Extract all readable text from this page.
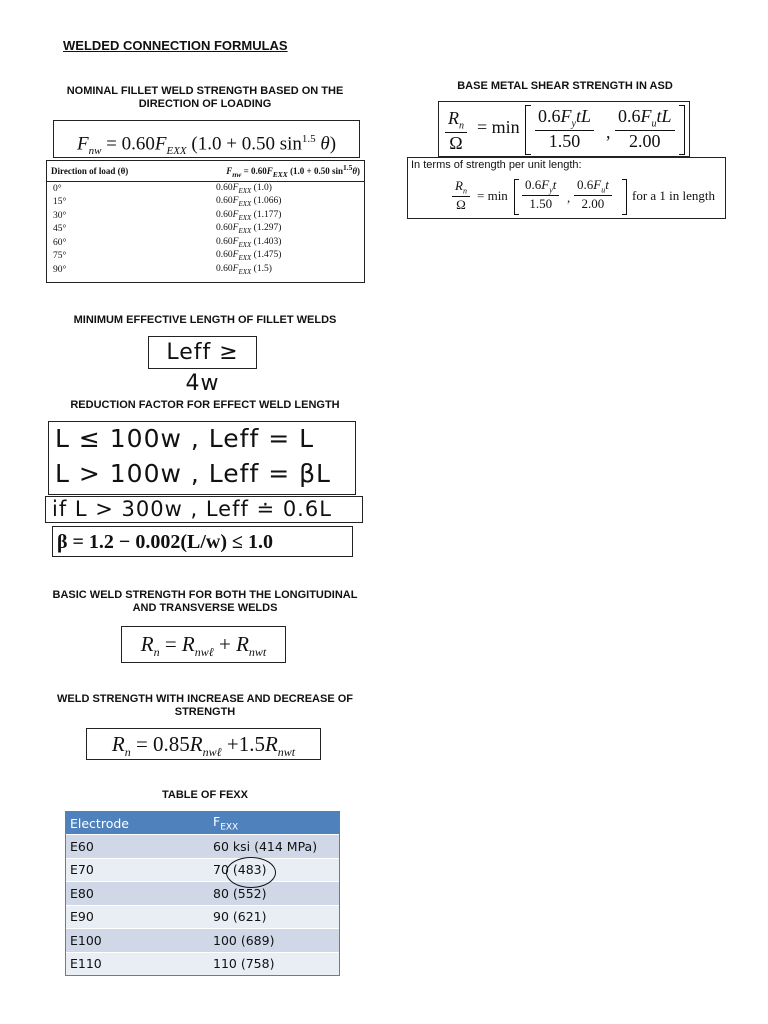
WELDED CONNECTION FORMULAS
NOMINAL FILLET WELD STRENGTH BASED ON THE DIRECTION OF LOADING
$F_{nw} = 0.60F_{EXX}$ (1.0 + 0.50 $\sin^{1.5} \theta$)
Direction of load (θ)	$F_{nw} = 0.60F_{EXX}$ (1.0 + 0.50 $\sin^{1.5}\theta$)
0°	$0.60F_{EXX}$ (1.0)
15°	$0.60F_{EXX}$ (1.066)
30°	$0.60F_{EXX}$ (1.177)
45°	$0.60F_{EXX}$ (1.297)
60°	$0.60F_{EXX}$ (1.403)
75°	$0.60F_{EXX}$ (1.475)
90°	$0.60F_{EXX}$ (1.5)
BASE METAL SHEAR STRENGTH IN ASD
$\frac{R_n}{\Omega} = \min$
$0.6F_ytL$
1.50 ,
$0.6F_utL$
2.00
In terms of strength per unit length:
$\frac{R_n}{\Omega} = \min$
$0.6F_yt$
1.50 ,
$0.6F_ut$
2.00
for a 1 in length
MINIMUM EFFECTIVE LENGTH OF FILLET WELDS
Leff ≥ 4w
REDUCTION FACTOR FOR EFFECT WELD LENGTH
L ≤ 100w , Leff = L
L > 100w , Leff = βL
if L > 300w , Leff ≐ 0.6L
β = 1.2 − 0.002(L/w) ≤ 1.0
BASIC WELD STRENGTH FOR BOTH THE LONGITUDINAL AND TRANSVERSE WELDS
$R_n = R_{nw\ell} + R_{nwt}$
WELD STRENGTH WITH INCREASE AND DECREASE OF STRENGTH
$R_n = 0.85R_{nw\ell} +1.5R_{nwt}$
TABLE OF FEXX
Electrode	$F_{EXX}$
E60	60 ksi (414 MPa)
E70	70 (483)
E80	80 (552)
E90	90 (621)
E100	100 (689)
E110	110 (758)
